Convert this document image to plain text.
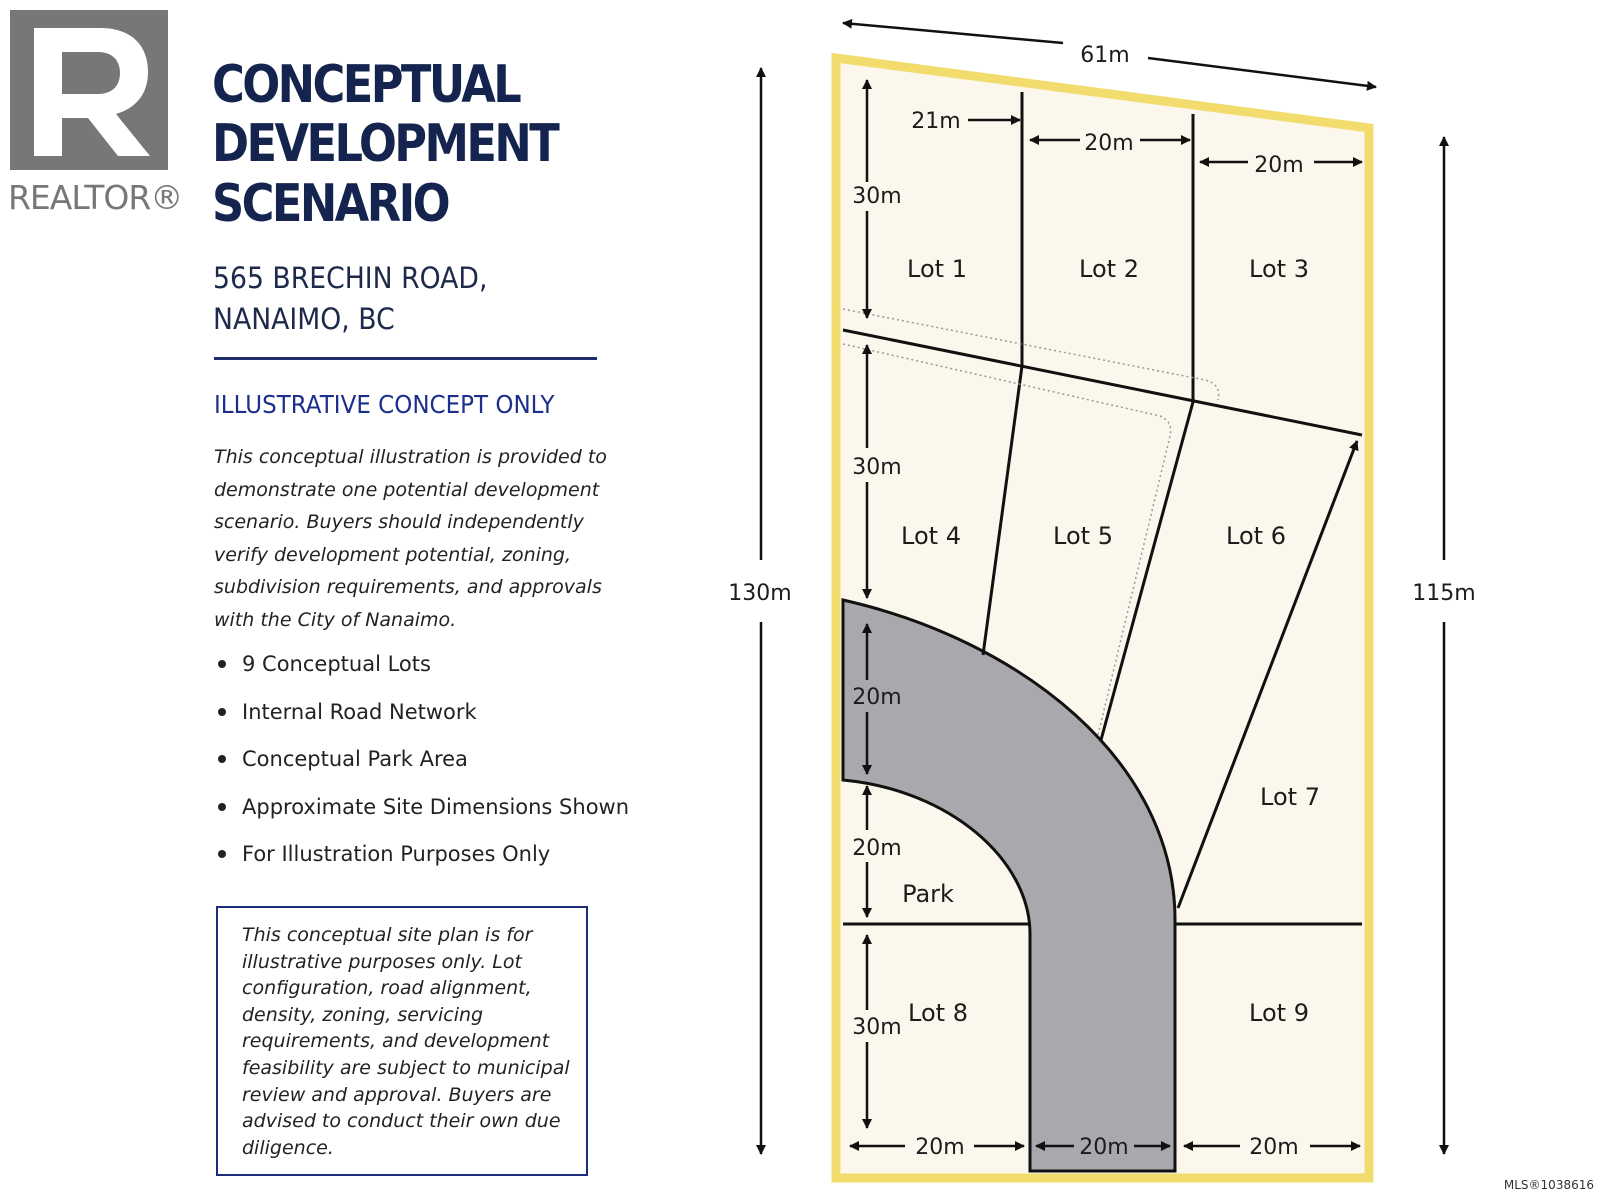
REALTOR®
CONCEPTUAL
DEVELOPMENT
SCENARIO
565 BRECHIN ROAD,
NANAIMO, BC
ILLUSTRATIVE CONCEPT ONLY
This conceptual illustration is provided to demonstrate one potential development scenario. Buyers should independently verify development potential, zoning, subdivision requirements, and approvals with the City of Nanaimo.
9 Conceptual Lots
Internal Road Network
Conceptual Park Area
Approximate Site Dimensions Shown
For Illustration Purposes Only
This conceptual site plan is for illustrative purposes only. Lot configuration, road alignment, density, zoning, servicing requirements, and development feasibility are subject to municipal review and approval. Buyers are advised to conduct their own due diligence.
61m
130m	115m
21m
20m
20m
30m
30m
20m
20m
30m
20m	20m	20m
Lot 1	Lot 2	Lot 3
Lot 4	Lot 5	Lot 6
Lot 7
Lot 8	Lot 9
Park
MLS®1038616
